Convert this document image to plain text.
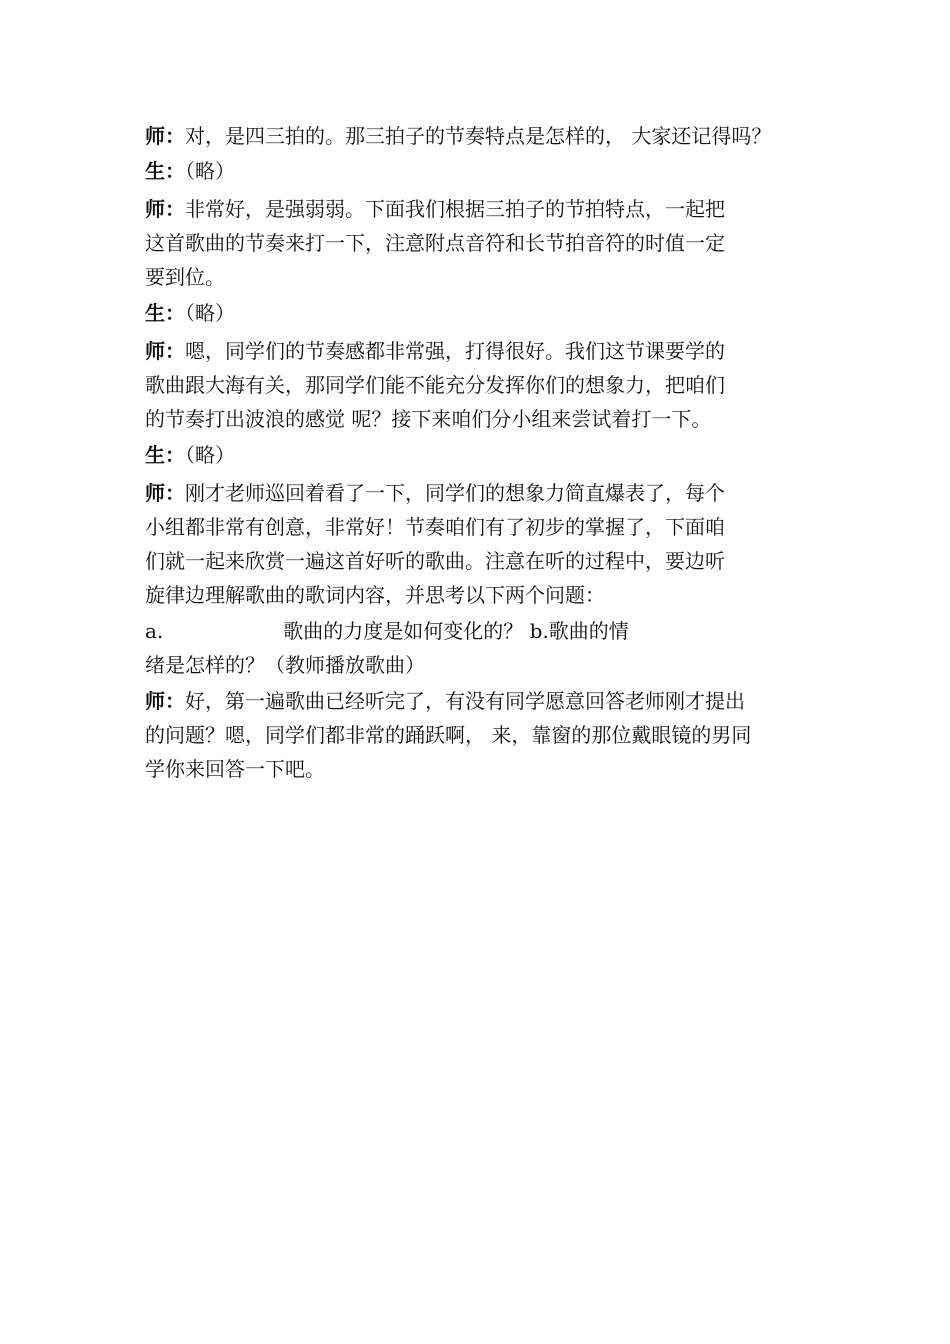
师：对，是四三拍的。那三拍子的节奏特点是怎样的， 大家还记得吗？
生：（略）
师：非常好，是强弱弱。下面我们根据三拍子的节拍特点，一起把
这首歌曲的节奏来打一下，注意附点音符和长节拍音符的时值一定
要到位。
生：（略）
师：嗯，同学们的节奏感都非常强，打得很好。我们这节课要学的
歌曲跟大海有关，那同学们能不能充分发挥你们的想象力，把咱们
的节奏打出波浪的感觉 呢？接下来咱们分小组来尝试着打一下。
生：（略）
师：刚才老师巡回着看了一下，同学们的想象力简直爆表了，每个
小组都非常有创意，非常好！节奏咱们有了初步的掌握了，下面咱
们就一起来欣赏一遍这首好听的歌曲。注意在听的过程中，要边听
旋律边理解歌曲的歌词内容，并思考以下两个问题：
a.	歌曲的力度是如何变化的？ b.歌曲的情
绪是怎样的？（教师播放歌曲）
师：好，第一遍歌曲已经听完了，有没有同学愿意回答老师刚才提出
的问题？嗯，同学们都非常的踊跃啊， 来，靠窗的那位戴眼镜的男同
学你来回答一下吧。
